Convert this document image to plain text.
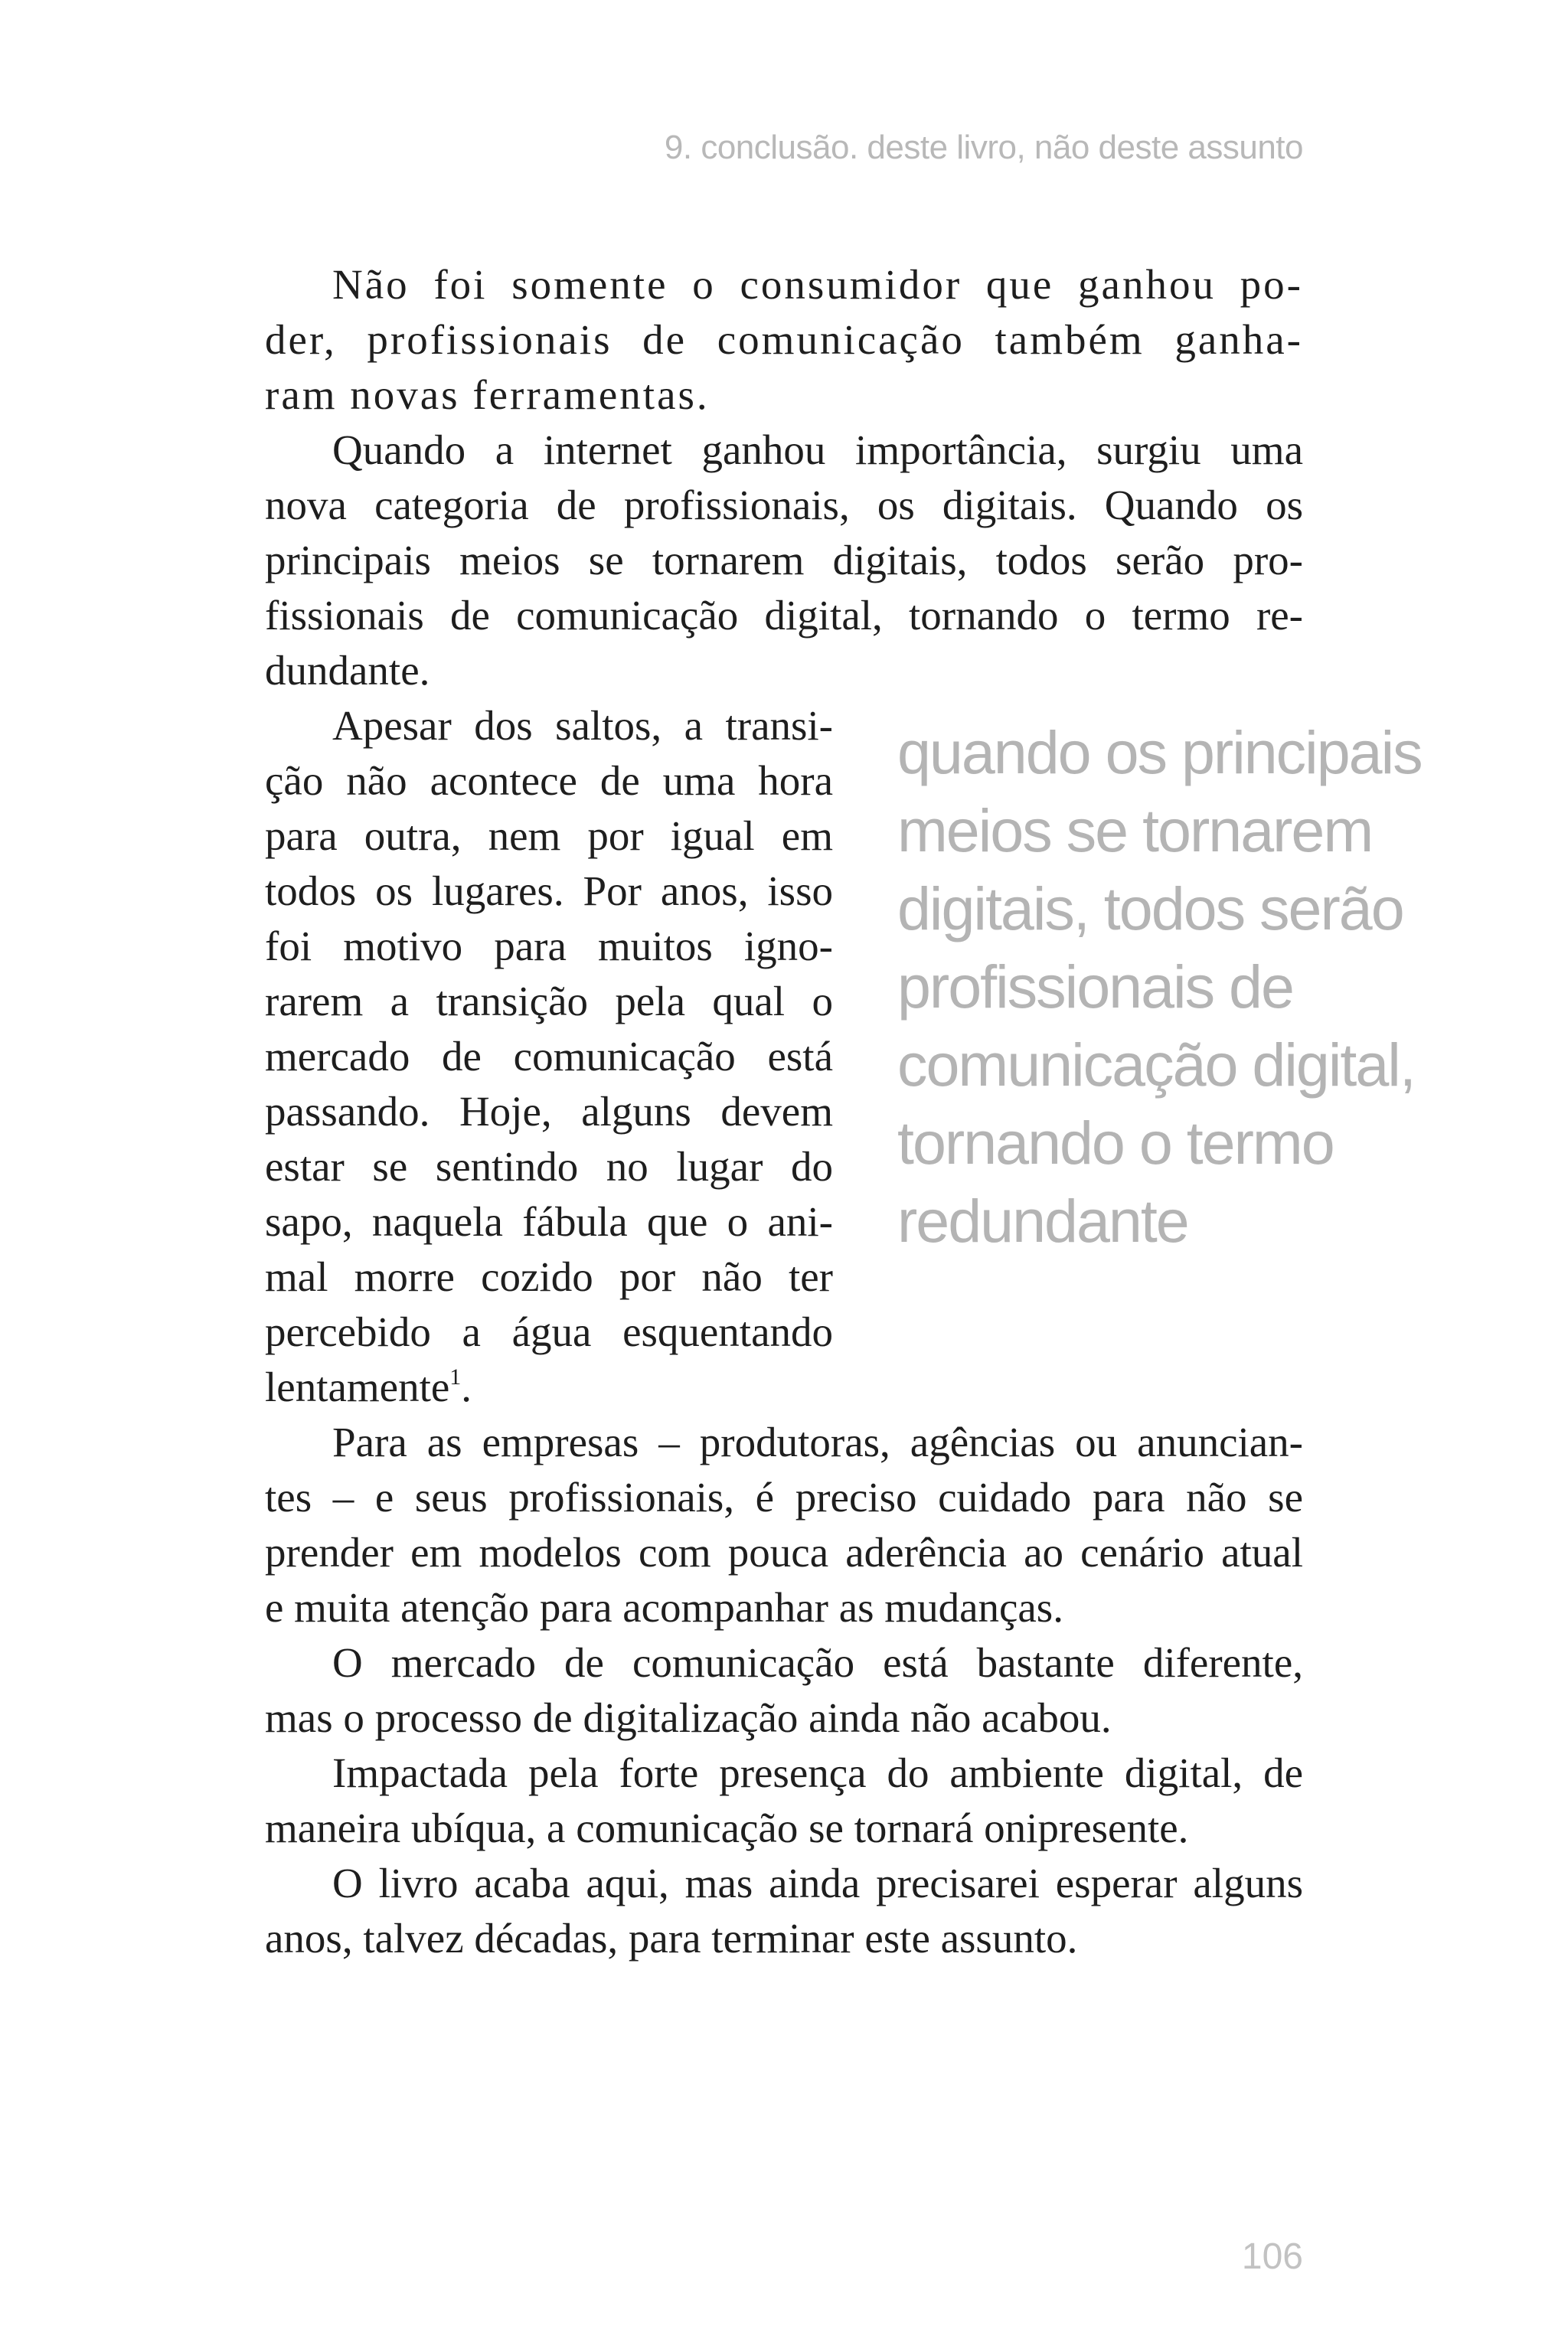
9. conclusão. deste livro, não deste assunto
Não foi somente o consumidor que ganhou po-
der, profissionais de comunicação também ganha-
ram novas ferramentas.
Quando a internet ganhou importância, surgiu uma
nova categoria de profissionais, os digitais. Quando os
principais meios se tornarem digitais, todos serão pro-
fissionais de comunicação digital, tornando o termo re-
dundante.
Apesar dos saltos, a transi-
ção não acontece de uma hora
para outra, nem por igual em
todos os lugares. Por anos, isso
foi motivo para muitos igno-
rarem a transição pela qual o
mercado de comunicação está
passando. Hoje, alguns devem
estar se sentindo no lugar do
sapo, naquela fábula que o ani-
mal morre cozido por não ter
percebido a água esquentando
lentamente$^1$.
Para as empresas – produtoras, agências ou anuncian-
tes – e seus profissionais, é preciso cuidado para não se
prender em modelos com pouca aderência ao cenário atual
e muita atenção para acompanhar as mudanças.
O mercado de comunicação está bastante diferente,
mas o processo de digitalização ainda não acabou.
Impactada pela forte presença do ambiente digital, de
maneira ubíqua, a comunicação se tornará onipresente.
O livro acaba aqui, mas ainda precisarei esperar alguns
anos, talvez décadas, para terminar este assunto.
quando os principais
meios se tornarem
digitais, todos serão
profissionais de
comunicação digital,
tornando o termo
redundante
106
